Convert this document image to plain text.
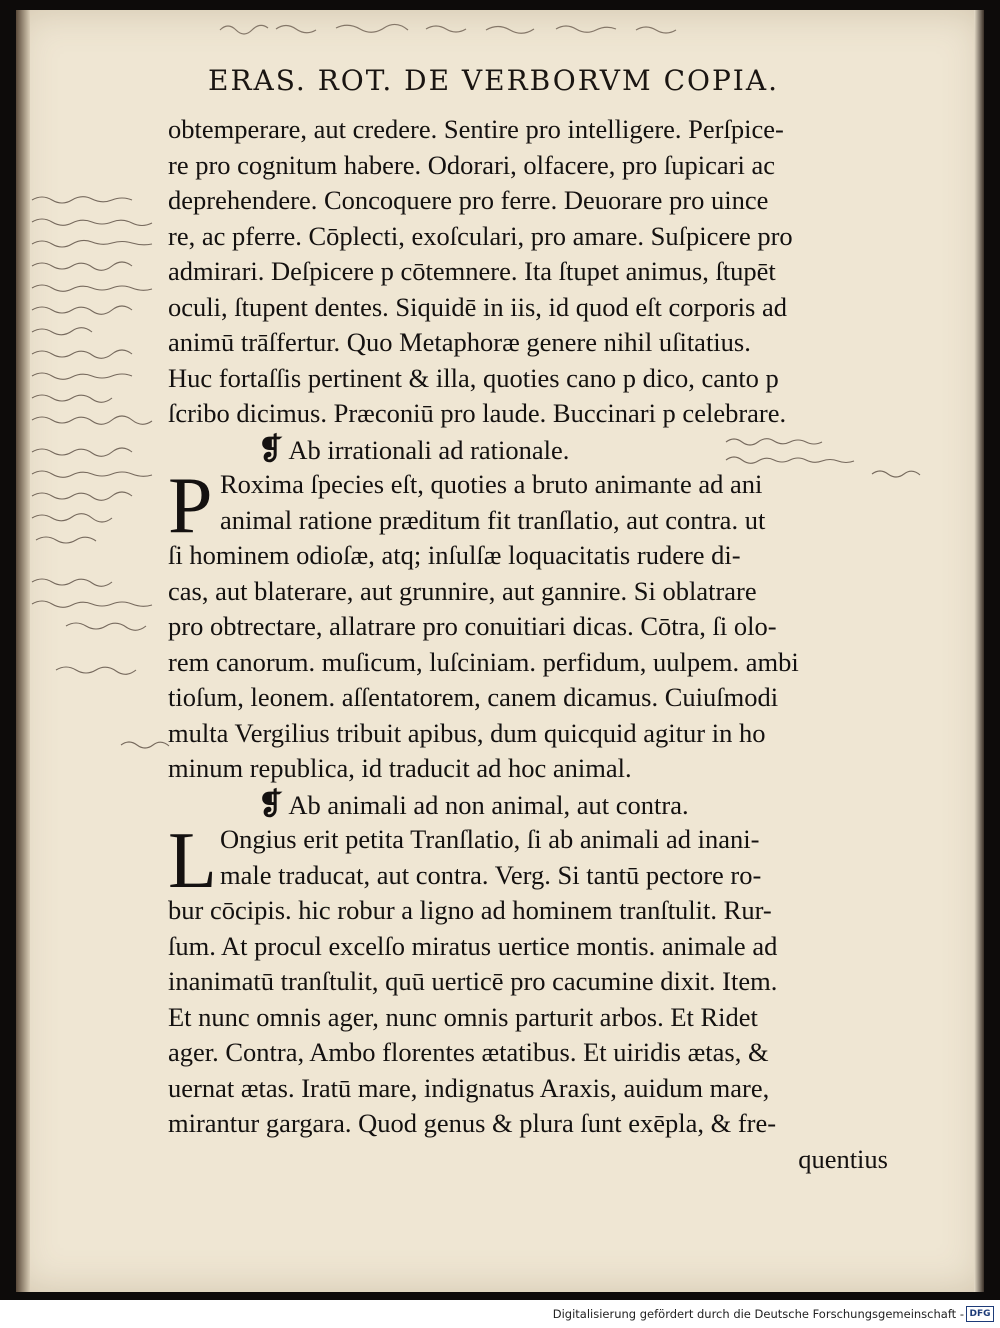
ERAS. ROT. DE VERBORVM COPIA.
obtemperare, aut credere. Sentire pro intelligere. Perſpice-
re pro cognitum habere. Odorari, olfacere, pro ſupicari ac
deprehendere. Concoquere pro ferre. Deuorare pro uince
re, ac pferre. Cōplecti, exoſculari, pro amare. Suſpicere pro
admirari. Deſpicere p cōtemnere. Ita ſtupet animus, ſtupēt
oculi, ſtupent dentes. Siquidē in iis, id quod eſt corporis ad
animū trāſfertur. Quo Metaphoræ genere nihil uſitatius.
Huc fortaſſis pertinent & illa, quoties cano p dico, canto p
ſcribo dicimus. Præconiū pro laude. Buccinari p celebrare.
❡ Ab irrationali ad rationale.
P Roxima ſpecies eſt, quoties a bruto animante ad ani
animal ratione præditum fit tranſlatio, aut contra. ut
ſi hominem odioſæ, atq; inſulſæ loquacitatis rudere di-
cas, aut blaterare, aut grunnire, aut gannire. Si oblatrare
pro obtrectare, allatrare pro conuitiari dicas. Cōtra, ſi olo-
rem canorum. muſicum, luſciniam. perfidum, uulpem. ambi
tioſum, leonem. aſſentatorem, canem dicamus. Cuiuſmodi
multa Vergilius tribuit apibus, dum quicquid agitur in ho
minum republica, id traducit ad hoc animal.
❡ Ab animali ad non animal, aut contra.
L Ongius erit petita Tranſlatio, ſi ab animali ad inani-
male traducat, aut contra. Verg. Si tantū pectore ro-
bur cōcipis. hic robur a ligno ad hominem tranſtulit. Rur-
ſum. At procul excelſo miratus uertice montis. animale ad
inanimatū tranſtulit, quū uerticē pro cacumine dixit. Item.
Et nunc omnis ager, nunc omnis parturit arbos. Et Ridet
ager. Contra, Ambo florentes ætatibus. Et uiridis ætas, &
uernat ætas. Iratū mare, indignatus Araxis, auidum mare,
mirantur gargara. Quod genus & plura ſunt exēpla, & fre-
quentius
Digitalisierung gefördert durch die Deutsche Forschungsgemeinschaft - DFG
